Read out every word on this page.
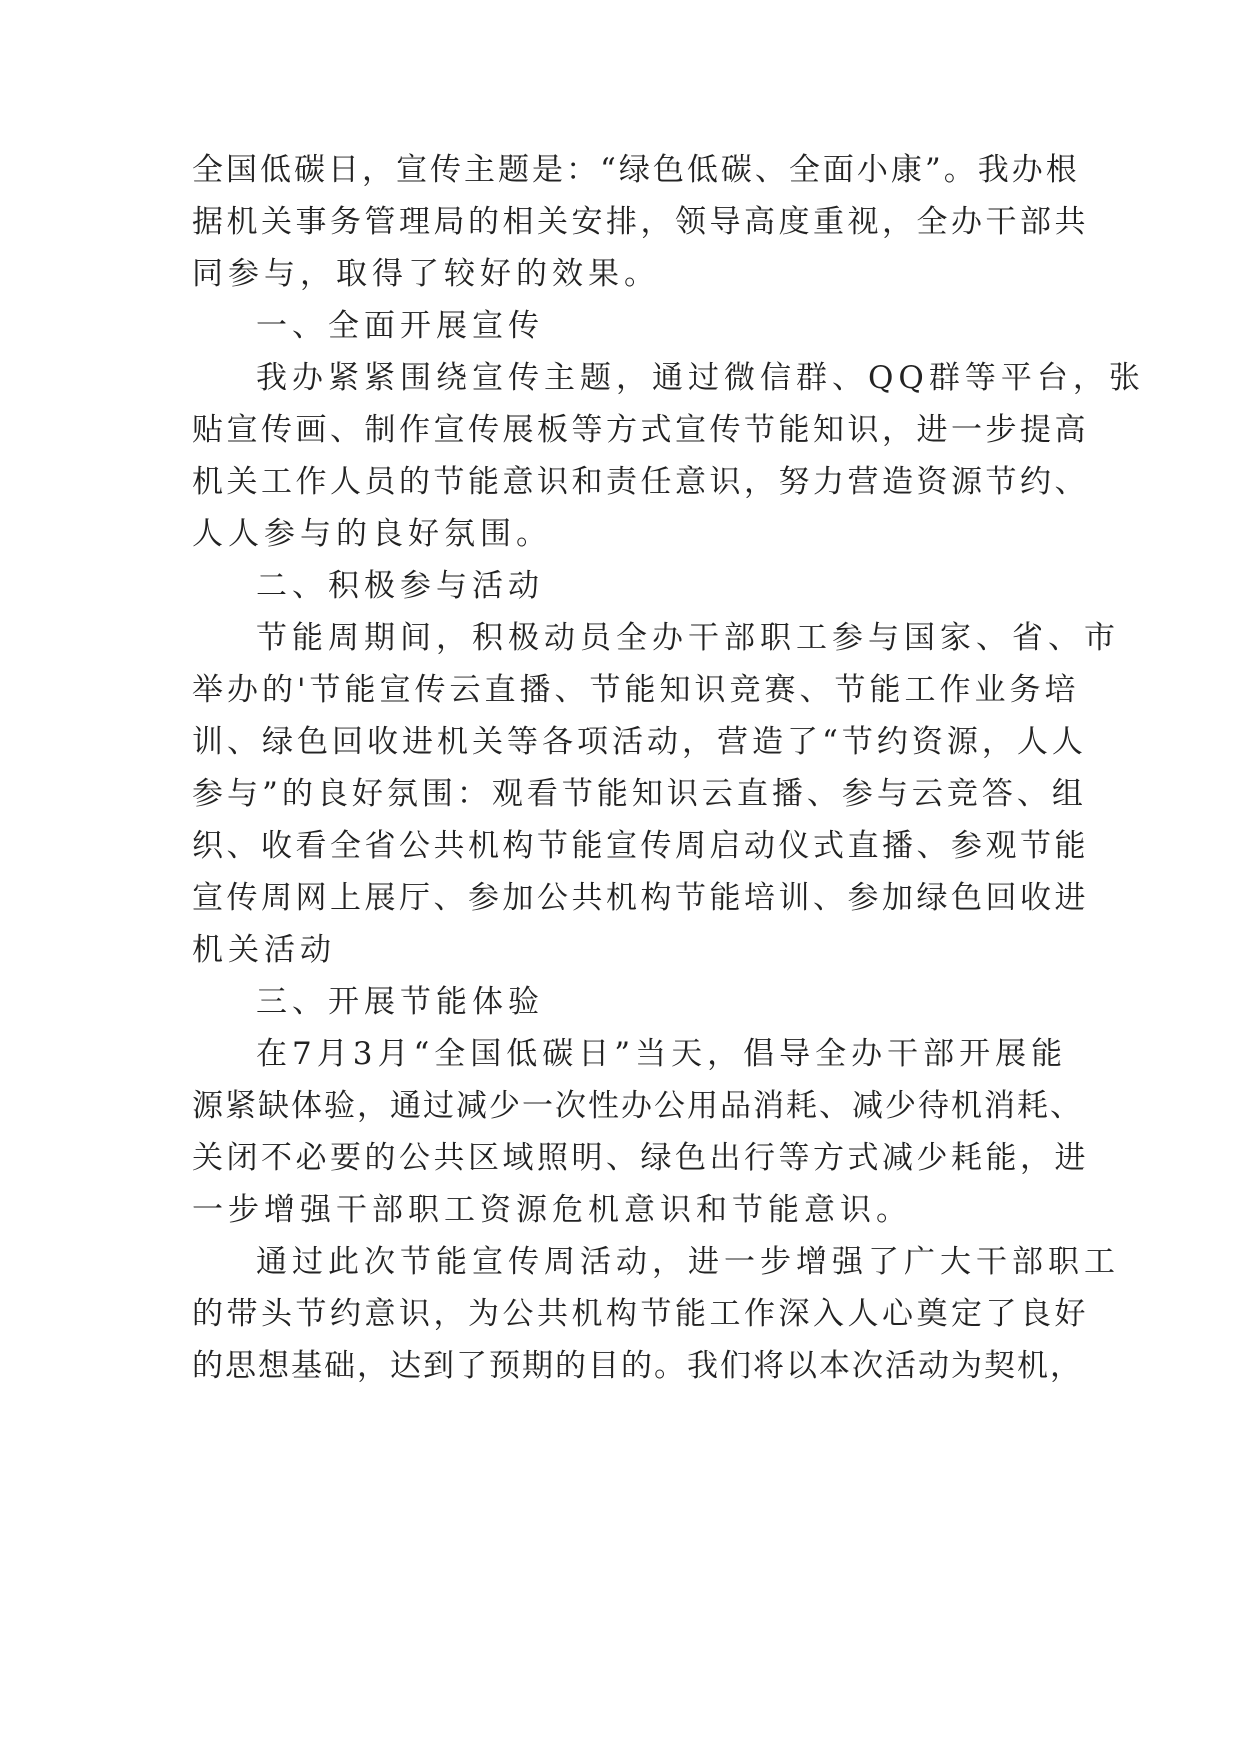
全国低碳日，宣传主题是：“绿色低碳、全面小康”。我办根
据机关事务管理局的相关安排，领导高度重视，全办干部共
同参与，取得了较好的效果。
一、全面开展宣传
我办紧紧围绕宣传主题，通过微信群、QQ群等平台，张
贴宣传画、制作宣传展板等方式宣传节能知识，进一步提高
机关工作人员的节能意识和责任意识，努力营造资源节约、
人人参与的良好氛围。
二、积极参与活动
节能周期间，积极动员全办干部职工参与国家、省、市
举办的'节能宣传云直播、节能知识竞赛、节能工作业务培
训、绿色回收进机关等各项活动，营造了“节约资源，人人
参与”的良好氛围：观看节能知识云直播、参与云竞答、组
织、收看全省公共机构节能宣传周启动仪式直播、参观节能
宣传周网上展厅、参加公共机构节能培训、参加绿色回收进
机关活动
三、开展节能体验
在7月3月“全国低碳日”当天，倡导全办干部开展能
源紧缺体验，通过减少一次性办公用品消耗、减少待机消耗、
关闭不必要的公共区域照明、绿色出行等方式减少耗能，进
一步增强干部职工资源危机意识和节能意识。
通过此次节能宣传周活动，进一步增强了广大干部职工
的带头节约意识，为公共机构节能工作深入人心奠定了良好
的思想基础，达到了预期的目的。我们将以本次活动为契机，
